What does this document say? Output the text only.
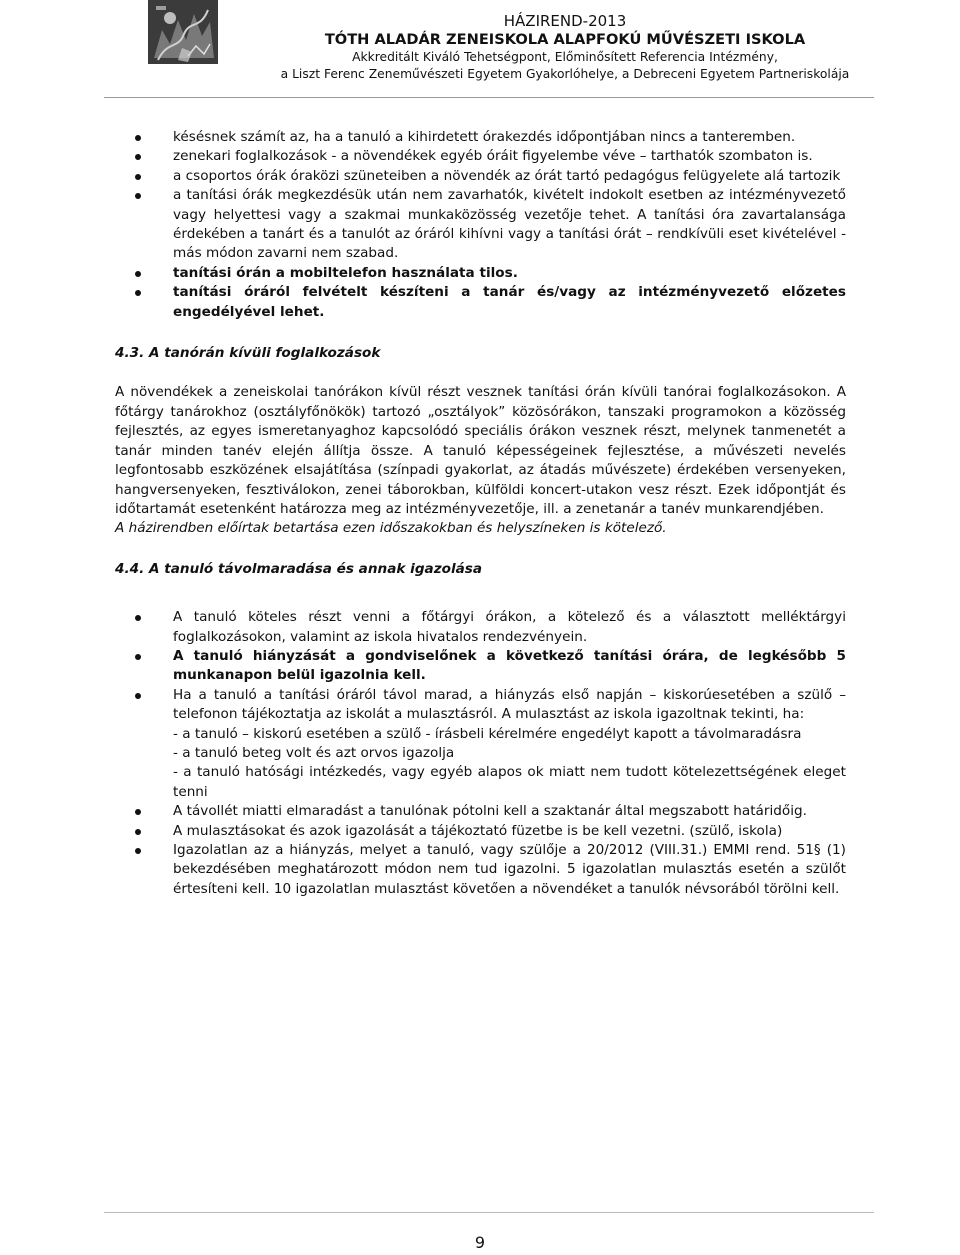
HÁZIREND-2013
TÓTH ALADÁR ZENEISKOLA ALAPFOKÚ MŰVÉSZETI ISKOLA
Akkreditált Kiváló Tehetségpont, Előminősített Referencia Intézmény,
a Liszt Ferenc Zeneművészeti Egyetem Gyakorlóhelye, a Debreceni Egyetem Partneriskolája
késésnek számít az, ha a tanuló a kihirdetett órakezdés időpontjában nincs a tanteremben.
zenekari foglalkozások - a növendékek egyéb óráit figyelembe véve – tarthatók szombaton is.
a csoportos órák óraközi szüneteiben a növendék az órát tartó pedagógus felügyelete alá tartozik
a tanítási órák megkezdésük után nem zavarhatók, kivételt indokolt esetben az intézményvezető vagy helyettesi vagy a szakmai munkaközösség vezetője tehet. A tanítási óra zavartalansága érdekében a tanárt és a tanulót az óráról kihívni vagy a tanítási órát – rendkívüli eset kivételével - más módon zavarni nem szabad.
tanítási órán a mobiltelefon használata tilos.
tanítási óráról felvételt készíteni a tanár és/vagy az intézményvezető előzetes engedélyével lehet.

4.3. A tanórán kívüli foglalkozások

A növendékek a zeneiskolai tanórákon kívül részt vesznek tanítási órán kívüli tanórai foglalkozásokon. A főtárgy tanárokhoz (osztályfőnökök) tartozó „osztályok” közösórákon, tanszaki programokon a közösség fejlesztés, az egyes ismeretanyaghoz kapcsolódó speciális órákon vesznek részt, melynek tanmenetét a tanár minden tanév elején állítja össze. A tanuló képességeinek fejlesztése, a művészeti nevelés legfontosabb eszközének elsajátítása (színpadi gyakorlat, az átadás művészete) érdekében versenyeken, hangversenyeken, fesztiválokon, zenei táborokban, külföldi koncert-utakon vesz részt. Ezek időpontját és időtartamát esetenként határozza meg az intézményvezetője, ill. a zenetanár a tanév munkarendjében.

A házirendben előírtak betartása ezen időszakokban és helyszíneken is kötelező.

4.4. A tanuló távolmaradása és annak igazolása

A tanuló köteles részt venni a főtárgyi órákon, a kötelező és a választott melléktárgyi foglalkozásokon, valamint az iskola hivatalos rendezvényein.
A tanuló hiányzását a gondviselőnek a következő tanítási órára, de legkésőbb 5 munkanapon belül igazolnia kell.
Ha a tanuló a tanítási óráról távol marad, a hiányzás első napján – kiskorúesetében a szülő – telefonon tájékoztatja az iskolát a mulasztásról. A mulasztást az iskola igazoltnak tekinti, ha:
- a tanuló – kiskorú esetében a szülő - írásbeli kérelmére engedélyt kapott a távolmaradásra
- a tanuló beteg volt és azt orvos igazolja
- a tanuló hatósági intézkedés, vagy egyéb alapos ok miatt nem tudott kötelezettségének eleget tenni
A távollét miatti elmaradást a tanulónak pótolni kell a szaktanár által megszabott határidőig.
A mulasztásokat és azok igazolását a tájékoztató füzetbe is be kell vezetni. (szülő, iskola)
Igazolatlan az a hiányzás, melyet a tanuló, vagy szülője a 20/2012 (VIII.31.) EMMI rend. 51§ (1) bekezdésében meghatározott módon nem tud igazolni. 5 igazolatlan mulasztás esetén a szülőt értesíteni kell. 10 igazolatlan mulasztást követően a növendéket a tanulók névsorából törölni kell.
9
